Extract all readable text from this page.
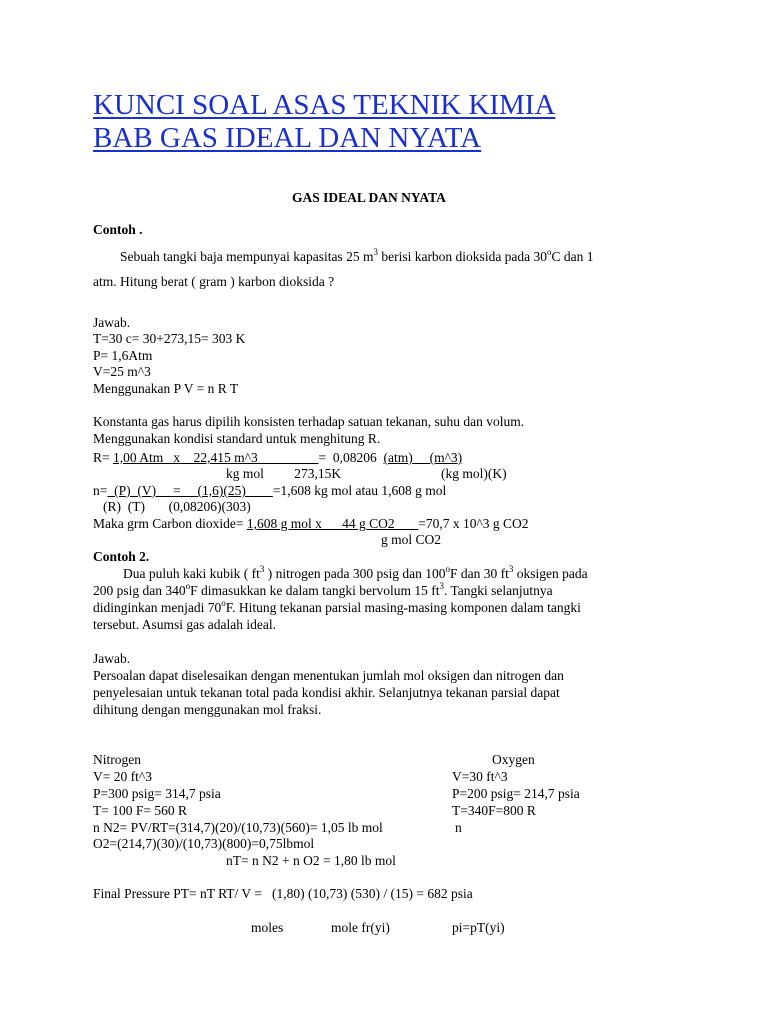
KUNCI SOAL ASAS TEKNIK KIMIA
BAB GAS IDEAL DAN NYATA
GAS IDEAL DAN NYATA
Contoh .
Sebuah tangki baja mempunyai kapasitas 25 $m^3$ berisi karbon dioksida pada 30$^o$C dan 1
atm. Hitung berat ( gram ) karbon dioksida ?
Jawab.
T=30 c= 30+273,15= 303 K
P= 1,6Atm
V=25 m^3
Menggunakan P V = n R T
Konstanta gas harus dipilih konsisten terhadap satuan tekanan, suhu dan volum.
Menggunakan kondisi standard untuk menghitung R.
R= 1,00 Atm   x    22,415 m^3                  =  0,08206  (atm)     (m^3)
kg mol         273,15K	(kg mol)(K)
n=  (P)  (V)     =     (1,6)(25)        =1,608 kg mol atau 1,608 g mol
(R)  (T)       (0,08206)(303)
Maka grm Carbon dioxide= 1,608 g mol x      44 g CO2       =70,7 x 10^3 g CO2
g mol CO2
Contoh 2.
Dua puluh kaki kubik ( $ft^3$ ) nitrogen pada 300 psig dan 100$^o$F dan 30 $ft^3$ oksigen pada
200 psig dan 340$^o$F dimasukkan ke dalam tangki bervolum 15 $ft^3$. Tangki selanjutnya
didinginkan menjadi 70$^o$F. Hitung tekanan parsial masing-masing komponen dalam tangki
tersebut. Asumsi gas adalah ideal.
Jawab.
Persoalan dapat diselesaikan dengan menentukan jumlah mol oksigen dan nitrogen dan
penyelesaian untuk tekanan total pada kondisi akhir. Selanjutnya tekanan parsial dapat
dihitung dengan menggunakan mol fraksi.
Nitrogen	Oxygen
V= 20 ft^3	V=30 ft^3
P=300 psig= 314,7 psia	P=200 psig= 214,7 psia
T= 100 F= 560 R	T=340F=800 R
n N2= PV/RT=(314,7)(20)/(10,73)(560)= 1,05 lb mol	n
O2=(214,7)(30)/(10,73)(800)=0,75lbmol
nT= n N2 + n O2 = 1,80 lb mol
Final Pressure PT= nT RT/ V =   (1,80) (10,73) (530) / (15) = 682 psia
moles	mole fr(yi)	pi=pT(yi)
